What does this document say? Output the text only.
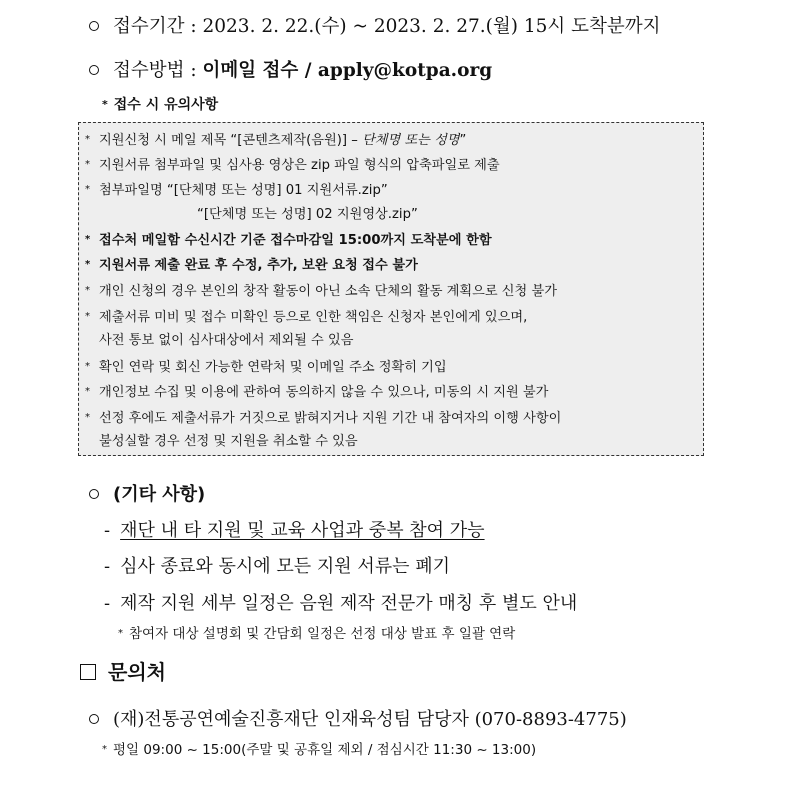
접수기간 : 2023. 2. 22.(수) ~ 2023. 2. 27.(월) 15시 도착분까지
접수방법 : 이메일 접수 / apply@kotpa.org
* 접수 시 유의사항
* 지원신청 시 메일 제목 “[콘텐츠제작(음원)] – 단체명 또는 성명”
* 지원서류 첨부파일 및 심사용 영상은 zip 파일 형식의 압축파일로 제출
* 첨부파일명 “[단체명 또는 성명] 01 지원서류.zip”
“[단체명 또는 성명] 02 지원영상.zip”
* 접수처 메일함 수신시간 기준 접수마감일 15:00까지 도착분에 한함
* 지원서류 제출 완료 후 수정, 추가, 보완 요청 접수 불가
* 개인 신청의 경우 본인의 창작 활동이 아닌 소속 단체의 활동 계획으로 신청 불가
* 제출서류 미비 및 접수 미확인 등으로 인한 책임은 신청자 본인에게 있으며,
사전 통보 없이 심사대상에서 제외될 수 있음
* 확인 연락 및 회신 가능한 연락처 및 이메일 주소 정확히 기입
* 개인정보 수집 및 이용에 관하여 동의하지 않을 수 있으나, 미동의 시 지원 불가
* 선정 후에도 제출서류가 거짓으로 밝혀지거나 지원 기간 내 참여자의 이행 사항이
불성실할 경우 선정 및 지원을 취소할 수 있음
(기타 사항)
- 재단 내 타 지원 및 교육 사업과 중복 참여 가능
- 심사 종료와 동시에 모든 지원 서류는 폐기
- 제작 지원 세부 일정은 음원 제작 전문가 매칭 후 별도 안내
* 참여자 대상 설명회 및 간담회 일정은 선정 대상 발표 후 일괄 연락
문의처
(재)전통공연예술진흥재단 인재육성팀 담당자 (070-8893-4775)
* 평일 09:00 ~ 15:00(주말 및 공휴일 제외 / 점심시간 11:30 ~ 13:00)
